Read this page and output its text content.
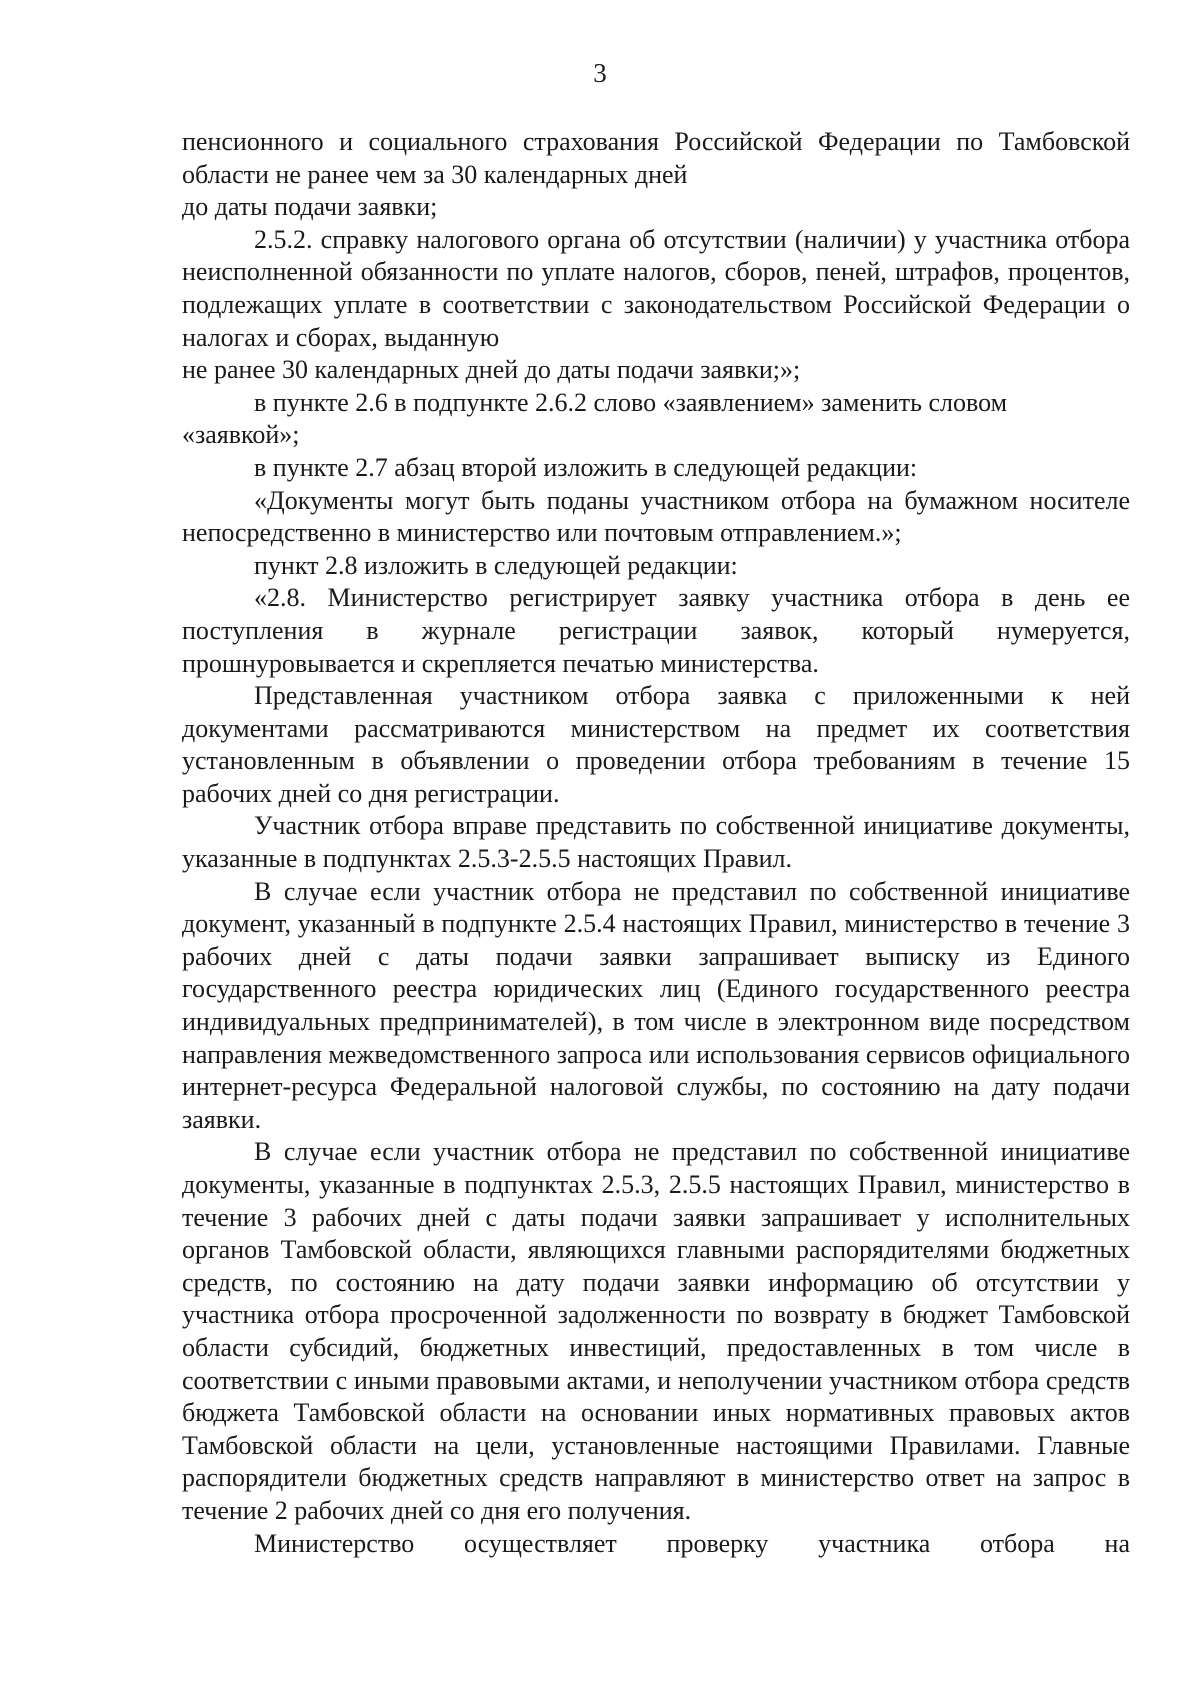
3

пенсионного и социального страхования Российской Федерации по Тамбовской области не ранее чем за 30 календарных дней
до даты подачи заявки;

2.5.2. справку налогового органа об отсутствии (наличии) у участника отбора неисполненной обязанности по уплате налогов, сборов, пеней, штрафов, процентов, подлежащих уплате в соответствии с законодательством Российской Федерации о налогах и сборах, выданную
не ранее 30 календарных дней до даты подачи заявки;»;

в пункте 2.6 в подпункте 2.6.2 слово «заявлением» заменить словом
«заявкой»;

в пункте 2.7 абзац второй изложить в следующей редакции:

«Документы могут быть поданы участником отбора на бумажном носителе непосредственно в министерство или почтовым отправлением.»;

пункт 2.8 изложить в следующей редакции:

«2.8. Министерство регистрирует заявку участника отбора в день ее поступления в журнале регистрации заявок, который нумеруется, прошнуровывается и скрепляется печатью министерства.

Представленная участником отбора заявка с приложенными к ней документами рассматриваются министерством на предмет их соответствия установленным в объявлении о проведении отбора требованиям в течение 15 рабочих дней со дня регистрации.

Участник отбора вправе представить по собственной инициативе документы, указанные в подпунктах 2.5.3-2.5.5 настоящих Правил.

В случае если участник отбора не представил по собственной инициативе документ, указанный в подпункте 2.5.4 настоящих Правил, министерство в течение 3 рабочих дней с даты подачи заявки запрашивает выписку из Единого государственного реестра юридических лиц (Единого государственного реестра индивидуальных предпринимателей), в том числе в электронном виде посредством направления межведомственного запроса или использования сервисов официального интернет-ресурса Федеральной налоговой службы, по состоянию на дату подачи заявки.

В случае если участник отбора не представил по собственной инициативе документы, указанные в подпунктах 2.5.3, 2.5.5 настоящих Правил, министерство в течение 3 рабочих дней с даты подачи заявки запрашивает у исполнительных органов Тамбовской области, являющихся главными распорядителями бюджетных средств, по состоянию на дату подачи заявки информацию об отсутствии у участника отбора просроченной задолженности по возврату в бюджет Тамбовской области субсидий, бюджетных инвестиций, предоставленных в том числе в соответствии с иными правовыми актами, и неполучении участником отбора средств бюджета Тамбовской области на основании иных нормативных правовых актов Тамбовской области на цели, установленные настоящими Правилами. Главные распорядители бюджетных средств направляют в министерство ответ на запрос в течение 2 рабочих дней со дня его получения.

Министерство осуществляет проверку участника отбора на
